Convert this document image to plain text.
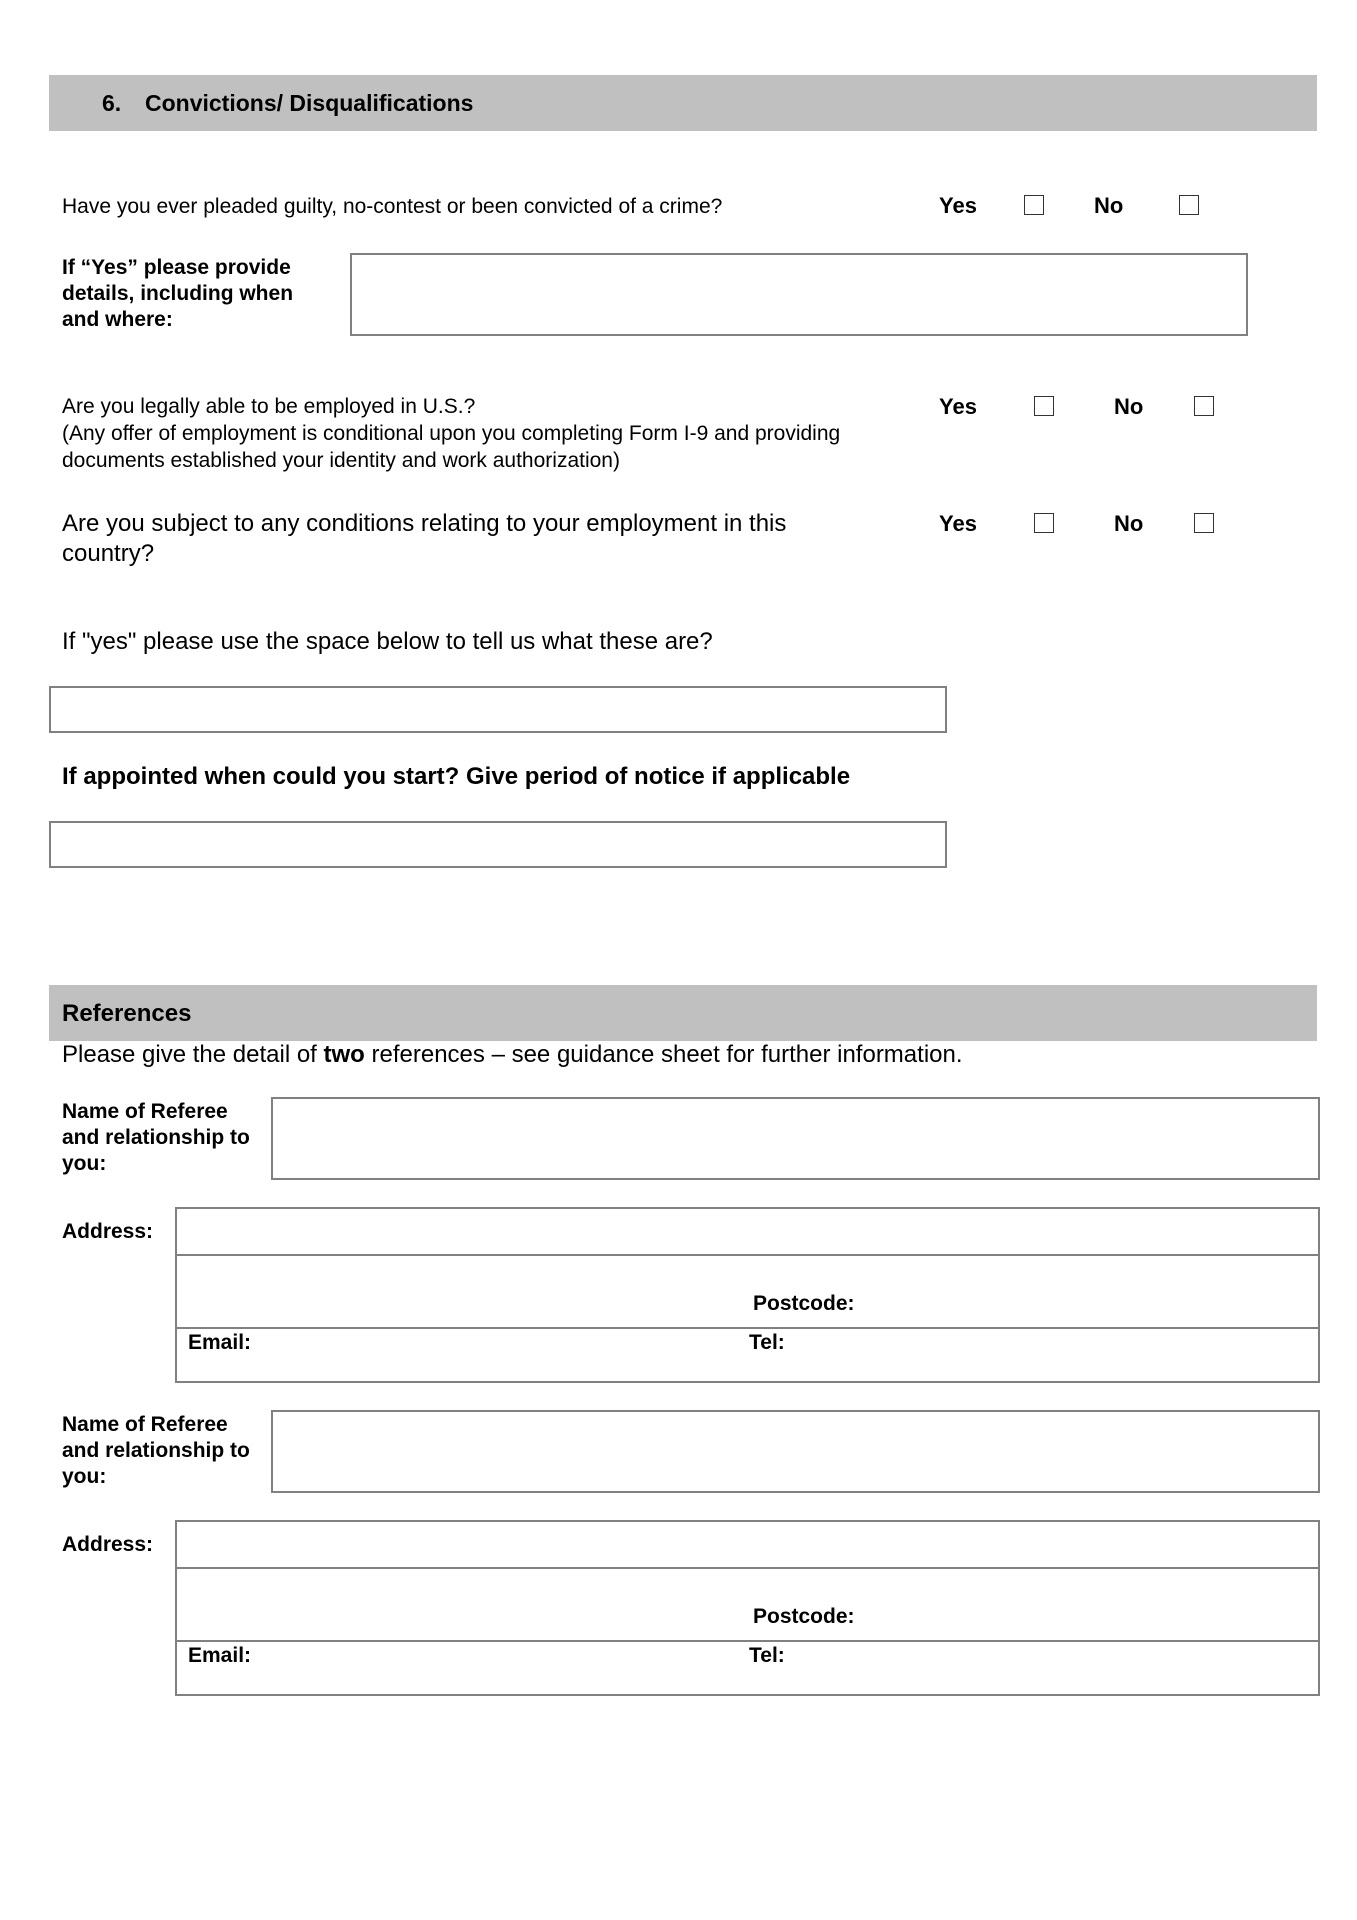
6. Convictions/ Disqualifications
Have you ever pleaded guilty, no-contest or been convicted of a crime?	Yes	No
If “Yes” please provide details, including when and where:
Are you legally able to be employed in U.S.?
(Any offer of employment is conditional upon you completing Form I-9 and providing documents established your identity and work authorization)
Yes	No
Are you subject to any conditions relating to your employment in this country?
Yes	No
If "yes" please use the space below to tell us what these are?
If appointed when could you start? Give period of notice if applicable
References
Please give the detail of two references – see guidance sheet for further information.
Name of Referee and relationship to you:
Address:
Postcode:
Email:	Tel:
Name of Referee and relationship to you:
Address:
Postcode:
Email:	Tel:
